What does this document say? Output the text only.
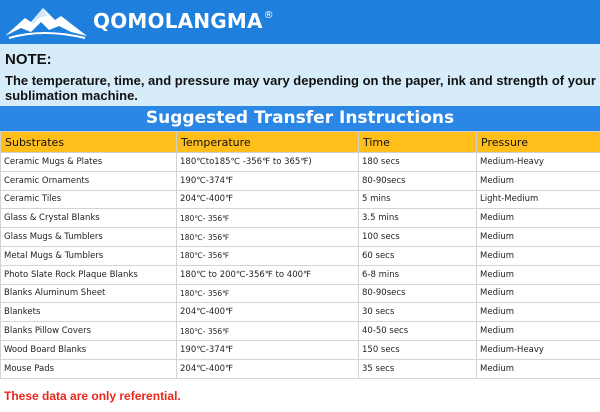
QOMOLANGMA®
NOTE:
The temperature, time, and pressure may vary depending on the paper, ink and strength of your sublimation machine.
Suggested Transfer Instructions
Substrates	Temperature	Time	Pressure
Ceramic Mugs & Plates	180℃to185℃ -356℉ to 365℉)	180 secs	Medium-Heavy
Ceramic Ornaments	190℃-374℉	80-90secs	Medium
Ceramic Tiles	204℃-400℉	5 mins	Light-Medium
Glass & Crystal Blanks	180℃- 356℉	3.5 mins	Medium
Glass Mugs & Tumblers	180℃- 356℉	100 secs	Medium
Metal Mugs & Tumblers	180℃- 356℉	60 secs	Medium
Photo Slate Rock Plaque Blanks	180℃ to 200℃-356℉ to 400℉	6-8 mins	Medium
Blanks Aluminum Sheet	180℃- 356℉	80-90secs	Medium
Blankets	204℃-400℉	30 secs	Medium
Blanks Pillow Covers	180℃- 356℉	40-50 secs	Medium
Wood Board Blanks	190℃-374℉	150 secs	Medium-Heavy
Mouse Pads	204℃-400℉	35 secs	Medium
These data are only referential.
